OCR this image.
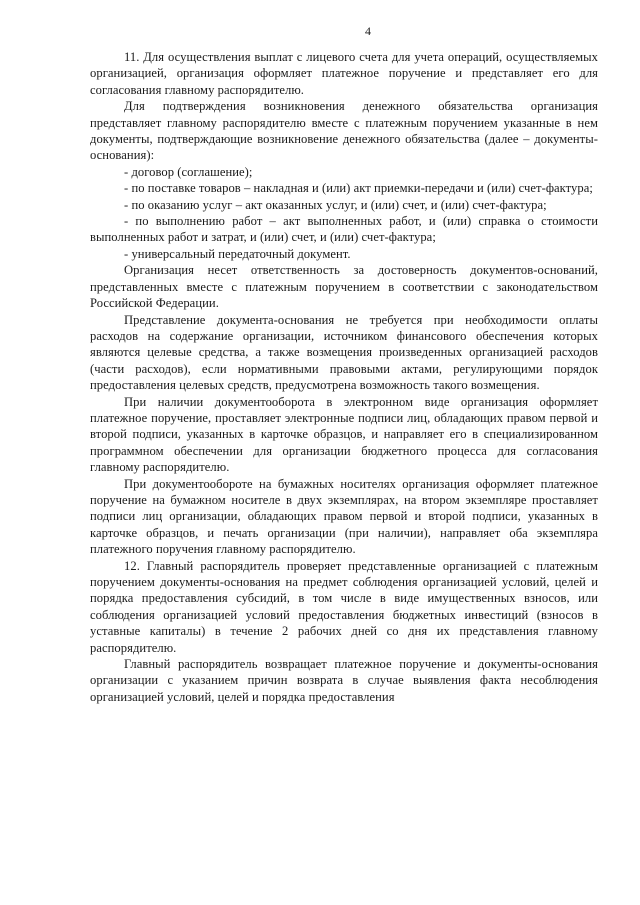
4

11. Для осуществления выплат с лицевого счета для учета операций, осуществляемых организацией, организация оформляет платежное поручение и представляет его для согласования главному распорядителю.

Для подтверждения возникновения денежного обязательства организация представляет главному распорядителю вместе с платежным поручением указанные в нем документы, подтверждающие возникновение денежного обязательства (далее – документы-основания):

- договор (соглашение);

- по поставке товаров – накладная и (или) акт приемки-передачи и (или) счет-фактура;

- по оказанию услуг – акт оказанных услуг, и (или) счет, и (или) счет-фактура;

- по выполнению работ – акт выполненных работ, и (или) справка о стоимости выполненных работ и затрат, и (или) счет, и (или) счет-фактура;

- универсальный передаточный документ.

Организация несет ответственность за достоверность документов-оснований, представленных вместе с платежным поручением в соответствии с законодательством Российской Федерации.

Представление документа-основания не требуется при необходимости оплаты расходов на содержание организации, источником финансового обеспечения которых являются целевые средства, а также возмещения произведенных организацией расходов (части расходов), если нормативными правовыми актами, регулирующими порядок предоставления целевых средств, предусмотрена возможность такого возмещения.

При наличии документооборота в электронном виде организация оформляет платежное поручение, проставляет электронные подписи лиц, обладающих правом первой и второй подписи, указанных в карточке образцов, и направляет его в специализированном программном обеспечении для организации бюджетного процесса для согласования главному распорядителю.

При документообороте на бумажных носителях организация оформляет платежное поручение на бумажном носителе в двух экземплярах, на втором экземпляре проставляет подписи лиц организации, обладающих правом первой и второй подписи, указанных в карточке образцов, и печать организации (при наличии), направляет оба экземпляра платежного поручения главному распорядителю.

12. Главный распорядитель проверяет представленные организацией с платежным поручением документы-основания на предмет соблюдения организацией условий, целей и порядка предоставления субсидий, в том числе в виде имущественных взносов, или соблюдения организацией условий предоставления бюджетных инвестиций (взносов в уставные капиталы) в течение 2 рабочих дней со дня их представления главному распорядителю.

Главный распорядитель возвращает платежное поручение и документы-основания организации с указанием причин возврата в случае выявления факта несоблюдения организацией условий, целей и порядка предоставления
